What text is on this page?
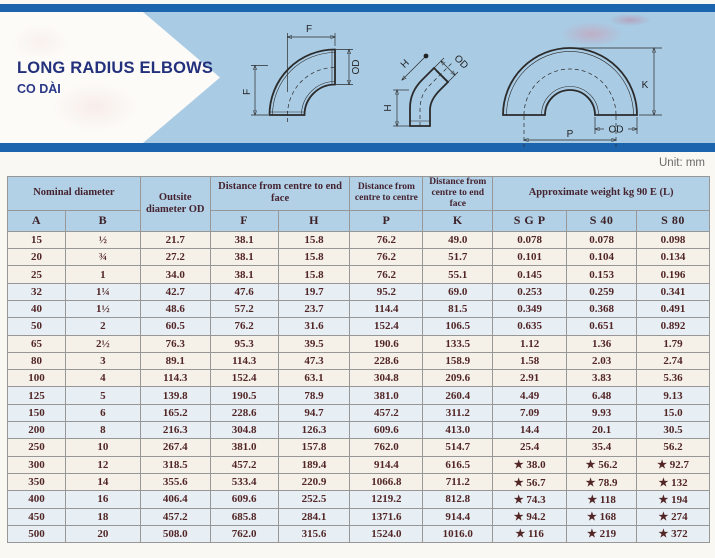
LONG RADIUS ELBOWS
CO DÀI
F
OD
F
H	OD
H
K
OD
P
Unit: mm
Nominal diameter		Outsite diameter OD	Distance from centre to end face		Distance from centre to centre	Distance from centre to end face	Approximate weight kg 90 E (L)		
A	B		F	H	P	K	S G P	S 40	S 80
15	½	21.7	38.1	15.8	76.2	49.0	0.078	0.078	0.098
20	¾	27.2	38.1	15.8	76.2	51.7	0.101	0.104	0.134
25	1	34.0	38.1	15.8	76.2	55.1	0.145	0.153	0.196
32	1¼	42.7	47.6	19.7	95.2	69.0	0.253	0.259	0.341
40	1½	48.6	57.2	23.7	114.4	81.5	0.349	0.368	0.491
50	2	60.5	76.2	31.6	152.4	106.5	0.635	0.651	0.892
65	2½	76.3	95.3	39.5	190.6	133.5	1.12	1.36	1.79
80	3	89.1	114.3	47.3	228.6	158.9	1.58	2.03	2.74
100	4	114.3	152.4	63.1	304.8	209.6	2.91	3.83	5.36
125	5	139.8	190.5	78.9	381.0	260.4	4.49	6.48	9.13
150	6	165.2	228.6	94.7	457.2	311.2	7.09	9.93	15.0
200	8	216.3	304.8	126.3	609.6	413.0	14.4	20.1	30.5
250	10	267.4	381.0	157.8	762.0	514.7	25.4	35.4	56.2
300	12	318.5	457.2	189.4	914.4	616.5	★ 38.0	★ 56.2	★ 92.7
350	14	355.6	533.4	220.9	1066.8	711.2	★ 56.7	★ 78.9	★ 132
400	16	406.4	609.6	252.5	1219.2	812.8	★ 74.3	★ 118	★ 194
450	18	457.2	685.8	284.1	1371.6	914.4	★ 94.2	★ 168	★ 274
500	20	508.0	762.0	315.6	1524.0	1016.0	★ 116	★ 219	★ 372
